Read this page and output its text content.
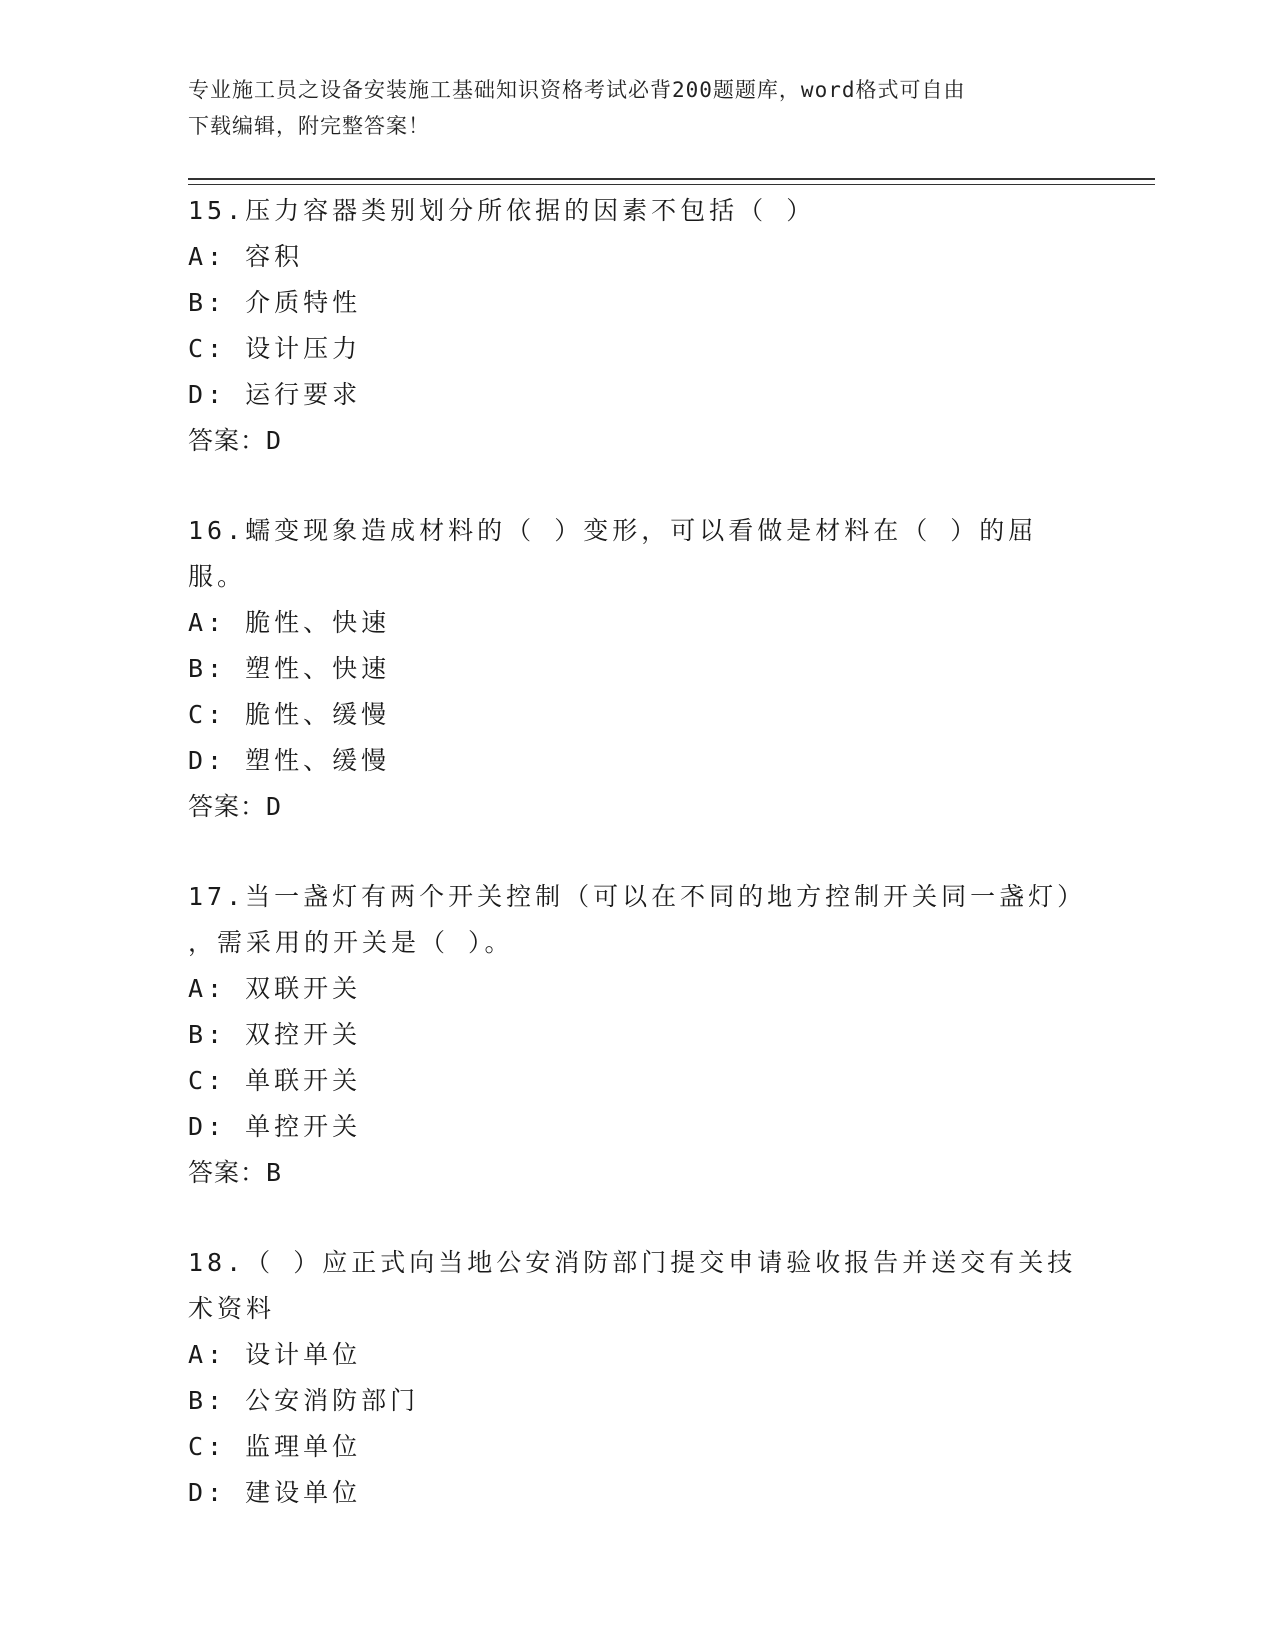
专业施工员之设备安装施工基础知识资格考试必背200题题库，word格式可自由
下载编辑，附完整答案！
15.压力容器类别划分所依据的因素不包括（ ）
A: 容积
B: 介质特性
C: 设计压力
D: 运行要求
答案：D
16.蠕变现象造成材料的（ ）变形，可以看做是材料在（ ）的屈服。
A: 脆性、快速
B: 塑性、快速
C: 脆性、缓慢
D: 塑性、缓慢
答案：D
17.当一盏灯有两个开关控制（可以在不同的地方控制开关同一盏灯）
，需采用的开关是（ ）。
A: 双联开关
B: 双控开关
C: 单联开关
D: 单控开关
答案：B
18.（ ）应正式向当地公安消防部门提交申请验收报告并送交有关技
术资料
A: 设计单位
B: 公安消防部门
C: 监理单位
D: 建设单位
